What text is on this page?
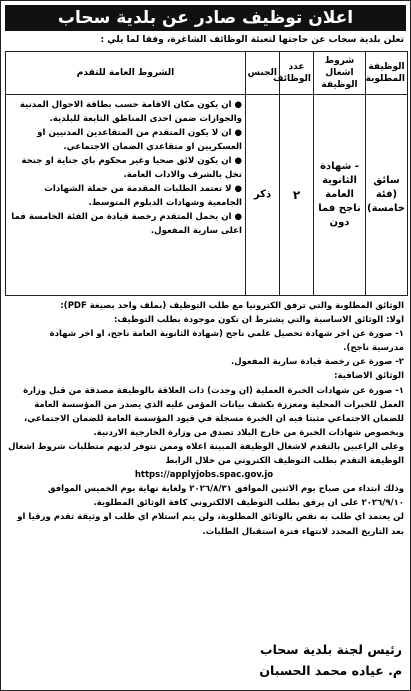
اعلان توظيف صادر عن بلدية سحاب
تعلن بلدية سحاب عن حاجتها لتعبئة الوظائف الشاغرة، وفقا لما يلي :
الوظيفة المطلوبة	شروط اشغال الوظيفة	عدد الوظائف	الجنس	الشروط العامة للتقدم
سائق (فئة خامسة)	- شهادة الثانوية العامة ناجح فما دون	٢	ذكر	● ان يكون مكان الاقامة حسب بطاقة الاحوال المدنية والجوازات ضمن احدى المناطق التابعة للبلدية.
● ان لا يكون المتقدم من المتقاعدين المدنيين او العسكريين او متقاعدي الضمان الاجتماعي.
● ان يكون لائق صحيا وغير محكوم باي جناية او جنحة تخل بالشرف والاداب العامة.
● لا تعتمد الطلبات المقدمة من حملة الشهادات الجامعية وشهادات الدبلوم المتوسط.
● ان يحمل المتقدم رخصة قيادة من الفئة الخامسة فما اعلى سارية المفعول.

الوثائق المطلوبة والتي ترفق الكترونيا مع طلب التوظيف (بملف واحد بصيغة PDF):

اولا: الوثائق الاساسية والتي يشترط ان تكون موجودة بطلب التوظيف:

١- صورة عن اخر شهادة تحصيل علمي ناجح (شهادة الثانوية العامة ناجح، او اخر شهادة

مدرسية ناجح).

٢- صورة عن رخصة قيادة سارية المفعول.

الوثائق الاضافية:

١- صورة عن شهادات الخبرة العملية (ان وجدت) ذات العلاقة بالوظيفة مصدقة من قبل وزارة

العمل للخبرات المحلية ومعززة بكشف بيانات المؤمن عليه الذي يصدر من المؤسسة العامة

للضمان الاجتماعي مثبتا فيه ان الخبرة مسجلة في قيود المؤسسة العامة للضمان الاجتماعي،

وبخصوص شهادات الخبرة من خارج البلاد تصدق من وزارة الخارجية الاردنية.

وعلى الراغبين بالتقدم لاشغال الوظيفة المبينة اعلاه وممن تتوفر لديهم متطلبات شروط اشغال

الوظيفة التقدم بطلب التوظيف الكتروني من خلال الرابط

https://applyjobs.spac.gov.jo

وذلك ابتداء من صباح يوم الاثنين الموافق ٢٠٢٦/٨/٣١ ولغاية نهاية يوم الخميس الموافق

٢٠٢٦/٩/١٠ على ان يرفق بطلب التوظيف الالكتروني كافة الوثائق المطلوبة.

لن يعتمد اي طلب به نقص بالوثائق المطلوبة، ولن يتم استلام اي طلب او وثيقة تقدم ورقيا او

بعد التاريخ المحدد لانتهاء فترة استقبال الطلبات.

رئيس لجنة بلدية سحاب
م. عياده محمد الحسبان
